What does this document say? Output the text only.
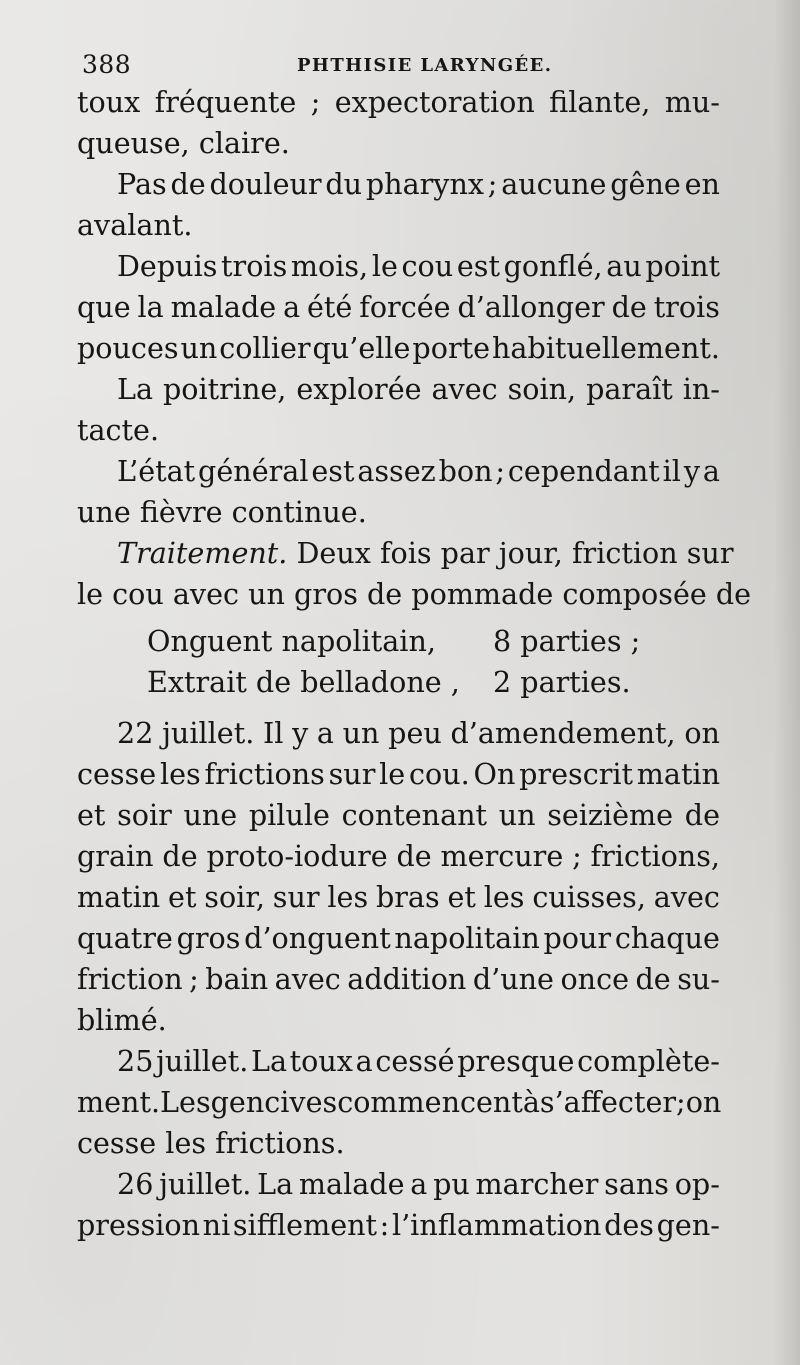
388	PHTHISIE LARYNGÉE.
toux fréquente ; expectoration filante, mu-
queuse, claire.
Pas de douleur du pharynx ; aucune gêne en
avalant.
Depuis trois mois, le cou est gonflé, au point
que la malade a été forcée d’allonger de trois
pouces un collier qu’elle porte habituellement.
La poitrine, explorée avec soin, paraît in-
tacte.
L’état général est assez bon ; cependant il y a
une fièvre continue.
Traitement.
Deux fois par jour, friction sur
le cou avec un gros de pommade composée de
Onguent napolitain, 8 parties ;
Extrait de belladone , 2 parties.
22 juillet. Il y a un peu d’amendement, on
cesse les frictions sur le cou. On prescrit matin
et soir une pilule contenant un seizième de
grain de proto-iodure de mercure ; frictions,
matin et soir, sur les bras et les cuisses, avec
quatre gros d’onguent napolitain pour chaque
friction ; bain avec addition d’une once de su-
blimé.
25 juillet. La toux a cessé presque complète-
ment. Les gencives commencent à s’affecter ; on
cesse les frictions.
26 juillet. La malade a pu marcher sans op-
pression ni sifflement : l’inflammation des gen-
